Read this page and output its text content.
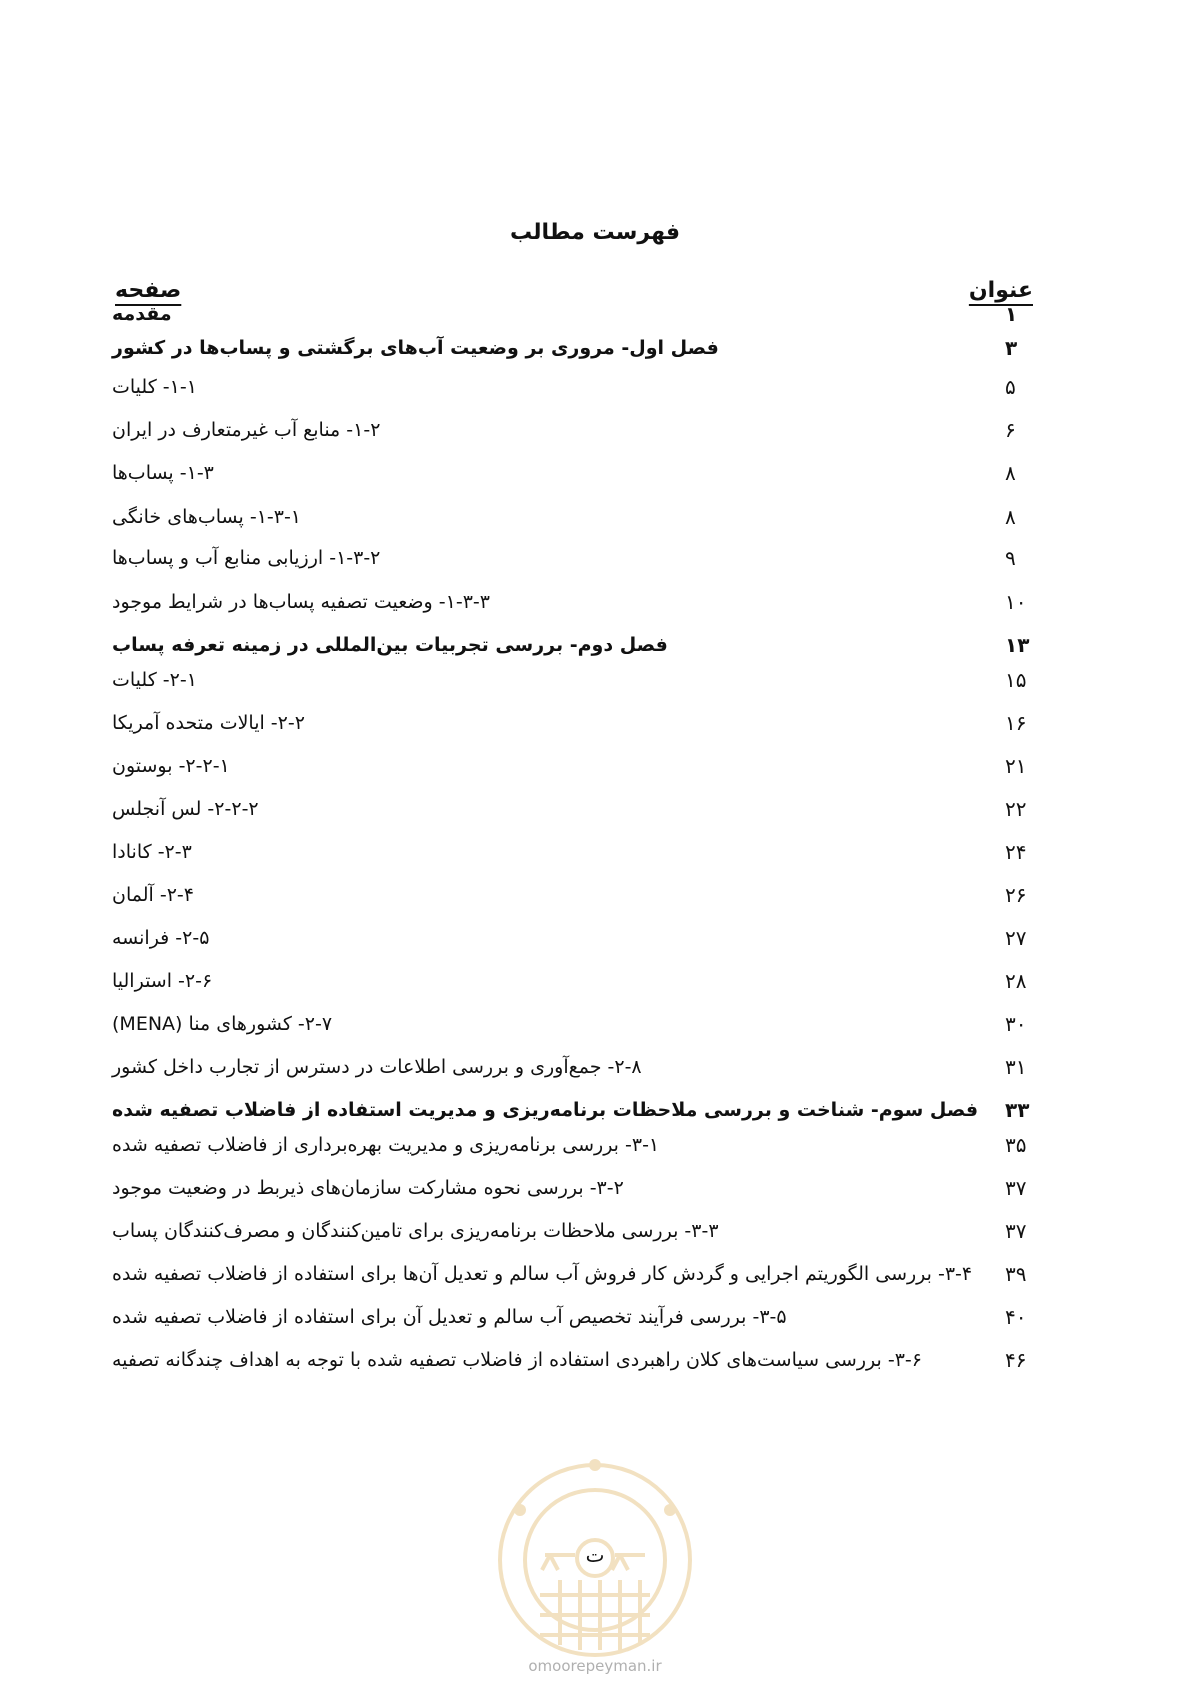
فهرست مطالب
عنوان
صفحه
مقدمه	۱
فصل اول- مروری بر وضعیت آب‌های برگشتی و پساب‌ها در کشور	۳
۱-۱- کلیات	۵
۱-۲- منابع آب غیرمتعارف در ایران	۶
۱-۳- پساب‌ها	۸
۱-۳-۱- پساب‌های خانگی	۸
۱-۳-۲- ارزیابی منابع آب و پساب‌ها	۹
۱-۳-۳- وضعیت تصفیه پساب‌ها در شرایط موجود	۱۰
فصل دوم- بررسی تجربیات بین‌المللی در زمینه تعرفه پساب	۱۳
۲-۱- کلیات	۱۵
۲-۲- ایالات متحده آمریکا	۱۶
۲-۲-۱- بوستون	۲۱
۲-۲-۲- لس آنجلس	۲۲
۲-۳- کانادا	۲۴
۲-۴- آلمان	۲۶
۲-۵- فرانسه	۲۷
۲-۶- استرالیا	۲۸
۲-۷- کشورهای منا (MENA)	۳۰
۲-۸- جمع‌آوری و بررسی اطلاعات در دسترس از تجارب داخل کشور	۳۱
فصل سوم- شناخت و بررسی ملاحظات برنامه‌ریزی و مدیریت استفاده از فاضلاب تصفیه شده ۳۳
۳-۱- بررسی برنامه‌ریزی و مدیریت بهره‌برداری از فاضلاب تصفیه شده	۳۵
۳-۲- بررسی نحوه مشارکت سازمان‌های ذیربط در وضعیت موجود	۳۷
۳-۳- بررسی ملاحظات برنامه‌ریزی برای تامین‌کنندگان و مصرف‌کنندگان پساب	۳۷
۳-۴- بررسی الگوریتم اجرایی و گردش کار فروش آب سالم و تعدیل آن‌ها برای استفاده از فاضلاب تصفیه شده ۳۹
۳-۵- بررسی فرآیند تخصیص آب سالم و تعدیل آن برای استفاده از فاضلاب تصفیه شده	۴۰
۳-۶- بررسی سیاست‌های کلان راهبردی استفاده از فاضلاب تصفیه شده با توجه به اهداف چندگانه تصفیه	۴۶
ت
omoorepeyman.ir
